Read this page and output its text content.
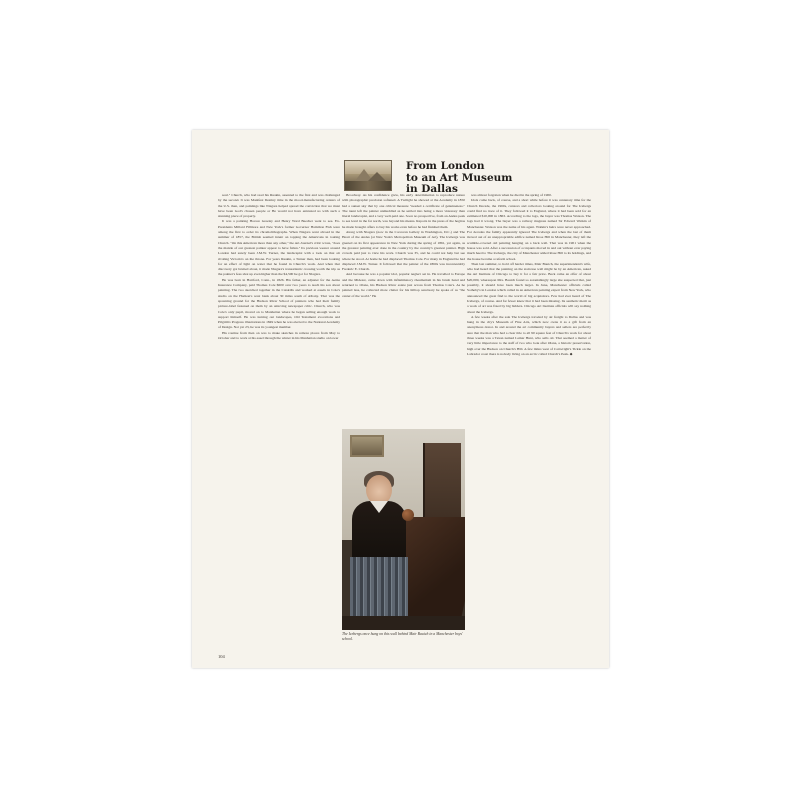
From London
to an Art Museum
in Dallas

soul." Church, who had read his Ruskin, assented to the first and was challenged by the second. It was Manifest Destiny time in the mood-manufacturing centers of the U.S. then, and paintings like Niagara helped spread the conviction that we must have been God's chosen people or He would not have entrusted us with such a stunning piece of property.

It was a painting Horace Greeley and Henry Ward Beecher went to see. Ex-Presidents Millard Fillmore and New York's former Governor Hamilton Fish were among the first to order its chromolithographs. When Niagara went abroad in the summer of 1857, the British seemed intent on topping the Americans in touting Church. "On this American more than any other," the Art-Journal's critic wrote, "does the mantle of our greatest painter appear to have fallen." Its previous wearer around London had surely been J.M.W. Turner, the landscapist with a look on that air rivaling Victoria's on the throne. For years Ruskin, a Turner man, had been looking for an effect of light on water that he found in Church's work. And when that discovery got bruited about, it made Niagara's transatlantic crossing worth the trip as the painter's fees shot up even higher than the $4,500 he got for Niagara.

He was born in Hartford, Conn., in 1826. His father, an adjuster for the Aetna Insurance Company, paid Thomas Cole $600 over two years to teach his son about painting. The two sketched together in the Catskills and worked at easels in Cole's studio on the Hudson's west bank about 30 miles south of Albany. That was the spawning ground for the Hudson River School of painters who had their family picture-label fastened on them by an unloving newspaper critic. Church, who was Cole's only pupil, moved on to Manhattan where he began selling enough work to support himself. He was turning out landscapes, Old Testament evocations and Pilgrim's Progress illustrations in 1849 when he was elected to the National Academy of Design. Not yet 23, he was its youngest member.

His routine from then on was to make sketches in remote places from May to October and to work at his easel through the winter in his Manhattan studio on lower

Broadway. As his confidence grew, his early determination to reproduce nature with photographic precision softened. A Twilight he showed at the Academy in 1850 had a sunset sky that by one critical measure "needed a certificate of genuineness." The taunt left the painter unmuddled as he settled into being a more visionary than literal landscapist, and a very well-paid one. Soon no prospective, from an Andes peak to sea level in the far north, was beyond his means. Reports in the press of the hegiras he made brought offers to buy his works even before he had finished them.

Along with Niagara (now in the Corcoran Gallery in Washington, D.C.) and The Heart of the Andes (at New York's Metropolitan Museum of Art), The Icebergs was greeted on its first appearance in New York during the spring of 1861, yet again, as the greatest painting ever done in the country by the country's greatest painter. High crowds paid just to view his work. Church was 35, and he could not help but see where he stood. At home he had displaced Thomas Cole. For many in England he had displaced J.M.W. Turner. It followed that the painter of the 1860s was incontestably Frederic E. Church.

And because he was a popular idol, popular neglect set in. He travelled to Europe and the Mideast, came down with inflammatory rheumatism in his brush hand and returned to Olana, his Hudson River estate just across from Thomas Cole's. As he painted less, he collected more clutter for his hilltop sanctuary he spoke of as "the center of the world." He

The Icebergs once hung on this wall behind Mair Bauich in a Manchester boys' school.

was almost forgotten when he died in the spring of 1900.

Idols come back, of course, and a short while before it was centenary time for the Church Decade, the 1960s, curators and collectors looking around for The Icebergs could find no trace of it. They followed it to England, where it had been sold for an estimated $10,000 in 1863. According to the logs, the buyer was Thomas Watson. The logs had it wrong. The buyer was a railway magnate named Sir Edward Watkin of Manchester. Watson was the name of his agent. Watkin's heirs were never approached. For decades the family apparently ignored The Icebergs and when the last of them moved out of an unappropriable edifice named Rose Hill in Manchester, they left the scumble-covered old painting hanging on a back wall. That was in 1901 when the house was sold. After a succession of occupants moved in and out without ever paying much heed to The Icebergs, the city of Manchester added Rose Hill to its holdings, and the house became a reform school.

Then last summer, to hold off harder times, Mair Bauich, the superintendent's wife, who had heard that the painting on the staircase wall might be by an American, asked the Art Institute of Chicago to buy it for a fair price. Back came an offer of about $20,000, whereupon Mrs. Bauich found so astonishingly large she suspected that, just possibly, it should have been much larger. In June, Manchester officials called Sotheby's in London which called in an American painting expert from New York, who announced the great find to the world of big acquisitors. Few had ever heard of The Icebergs, of course. And far fewer knew that it had been missing. Its aesthetic merit as a work of art was fixed by big bidders. Chicago Art Institute officials will say nothing about the Icebergs.

A few weeks after the sale The Icebergs traveled by air freight to Dallas and was hung in the city's Museum of Fine Arts, which now owns it as a gift from an anonymous donor. In and around the art community buyers and sellers are perfectly sure that the man who had a clear title to all 90 square feet of Church's work for about three weeks was a Texan named Lamar Hunt, who sells oil. That seemed a matter of very little importance to the staff of two who look after Olana, a historic preservation, high over the Hudson on Church's Hill. A few miles west of Cartwright's Tickle on the Labrador coast there is nobody living on an arctic called Church's Peak. ◆

104
